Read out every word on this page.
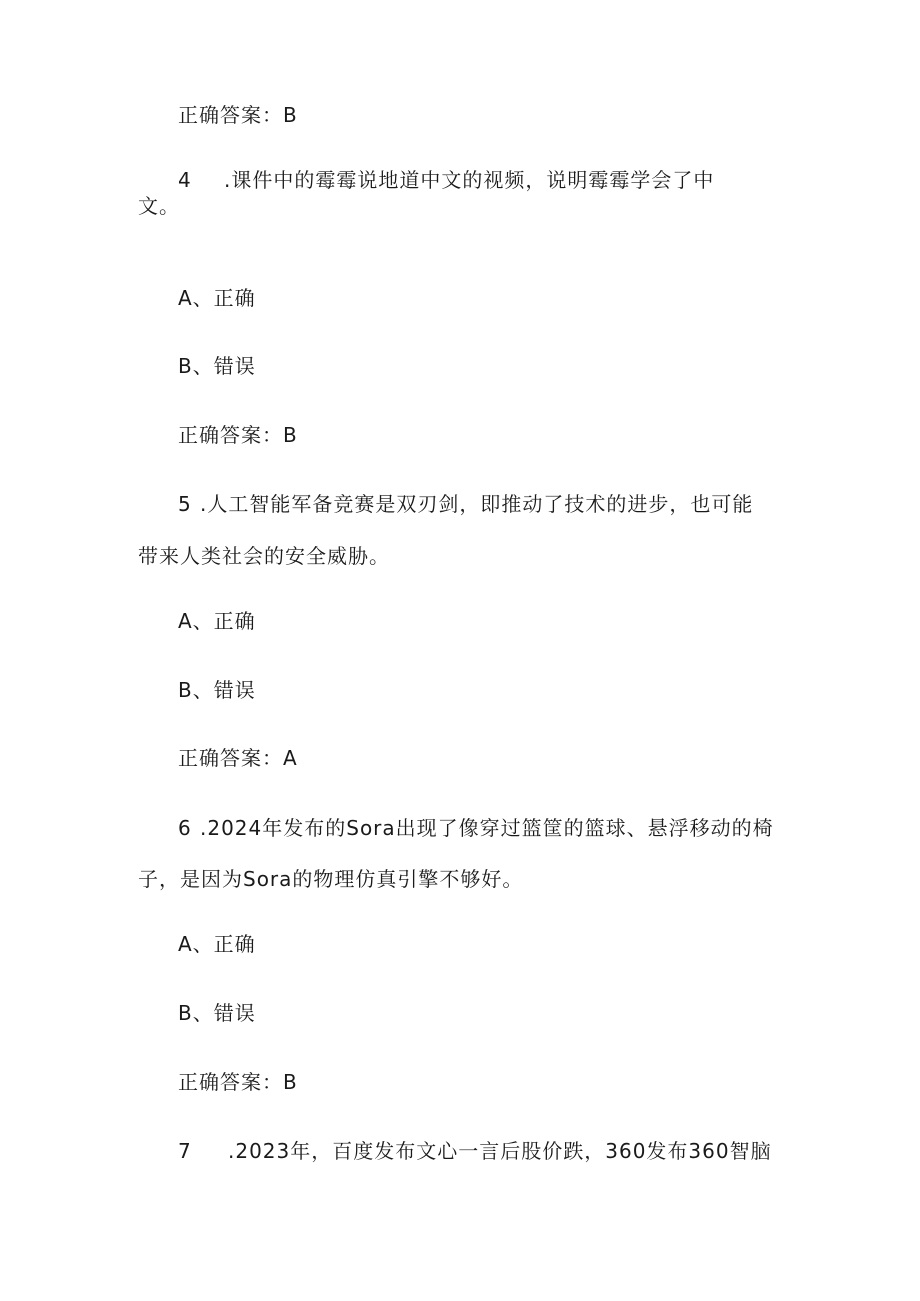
正确答案：B
4 .课件中的霉霉说地道中文的视频，说明霉霉学会了中
文。
A、正确
B、错误
正确答案：B
5 .人工智能军备竞赛是双刃剑，即推动了技术的进步，也可能
带来人类社会的安全威胁。
A、正确
B、错误
正确答案：A
6 .2024年发布的Sora出现了像穿过篮筐的篮球、悬浮移动的椅
子，是因为Sora的物理仿真引擎不够好。
A、正确
B、错误
正确答案：B
7 .2023年，百度发布文心一言后股价跌，360发布360智脑
